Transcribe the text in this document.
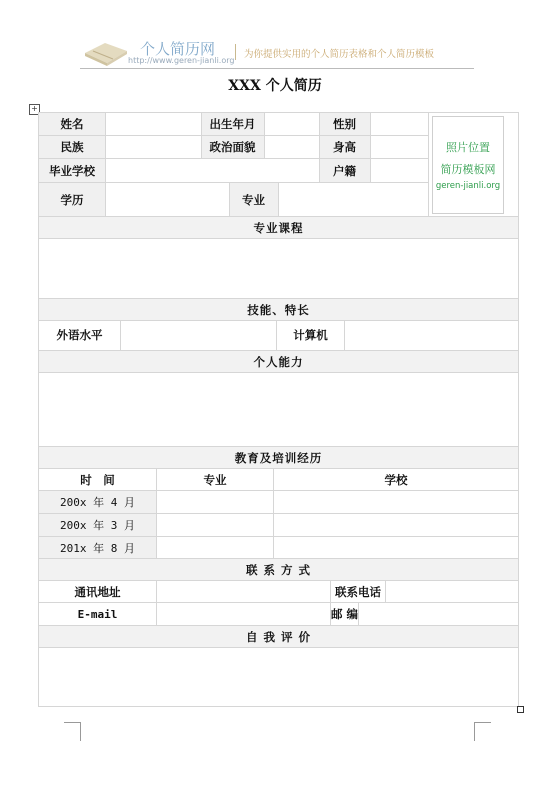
个人简历网
http://www.geren-jianli.org
为你提供实用的个人简历表格和个人简历模板
XXX 个人简历
+
姓名	出生年月	性别
民族	政治面貌	身高
毕业学校	户籍
学历	专业
照片位置
简历模板网
geren-jianli.org
专业课程
技能、特长
外语水平	计算机
个人能力
教育及培训经历
时　间	专业	学校
200x 年 4 月
200x 年 3 月
201x 年 8 月
联 系 方 式
通讯地址	联系电话
E-mail	邮 编
自 我 评 价
